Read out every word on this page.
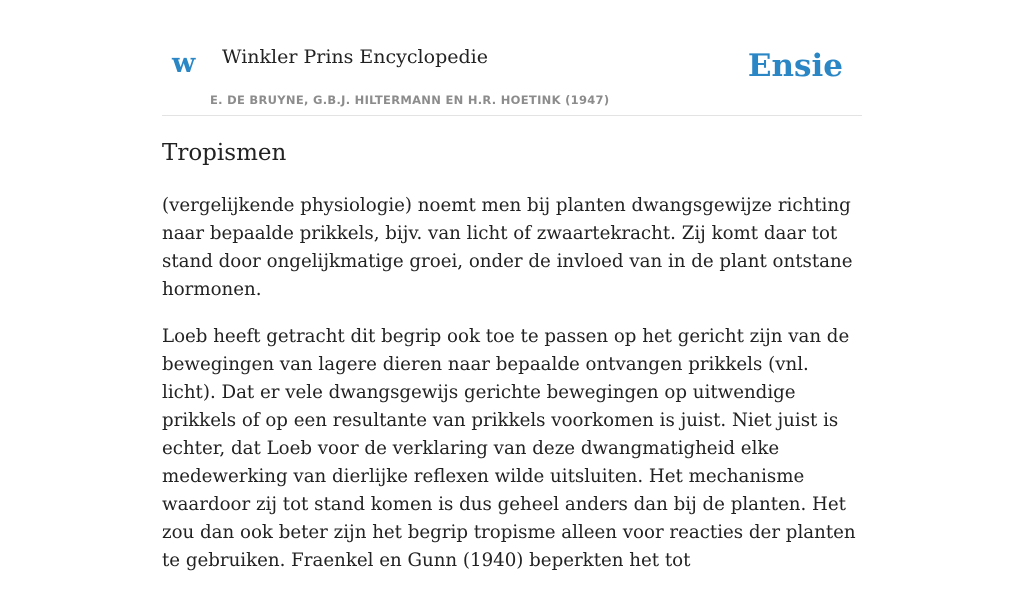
w Winkler Prins Encyclopedie
E. DE BRUYNE, G.B.J. HILTERMANN EN H.R. HOETINK (1947)
Ensie
Tropismen

(vergelijkende physiologie) noemt men bij planten dwangsgewijze richting naar bepaalde prikkels, bijv. van licht of zwaartekracht. Zij komt daar tot stand door ongelijkmatige groei, onder de invloed van in de plant ontstane hormonen.

Loeb heeft getracht dit begrip ook toe te passen op het gericht zijn van de bewegingen van lagere dieren naar bepaalde ontvangen prikkels (vnl. licht). Dat er vele dwangsgewijs gerichte bewegingen op uitwendige prikkels of op een resultante van prikkels voorkomen is juist. Niet juist is echter, dat Loeb voor de verklaring van deze dwangmatigheid elke medewerking van dierlijke reflexen wilde uitsluiten. Het mechanisme waardoor zij tot stand komen is dus geheel anders dan bij de planten. Het zou dan ook beter zijn het begrip tropisme alleen voor reacties der planten te gebruiken. Fraenkel en Gunn (1940) beperkten het tot
